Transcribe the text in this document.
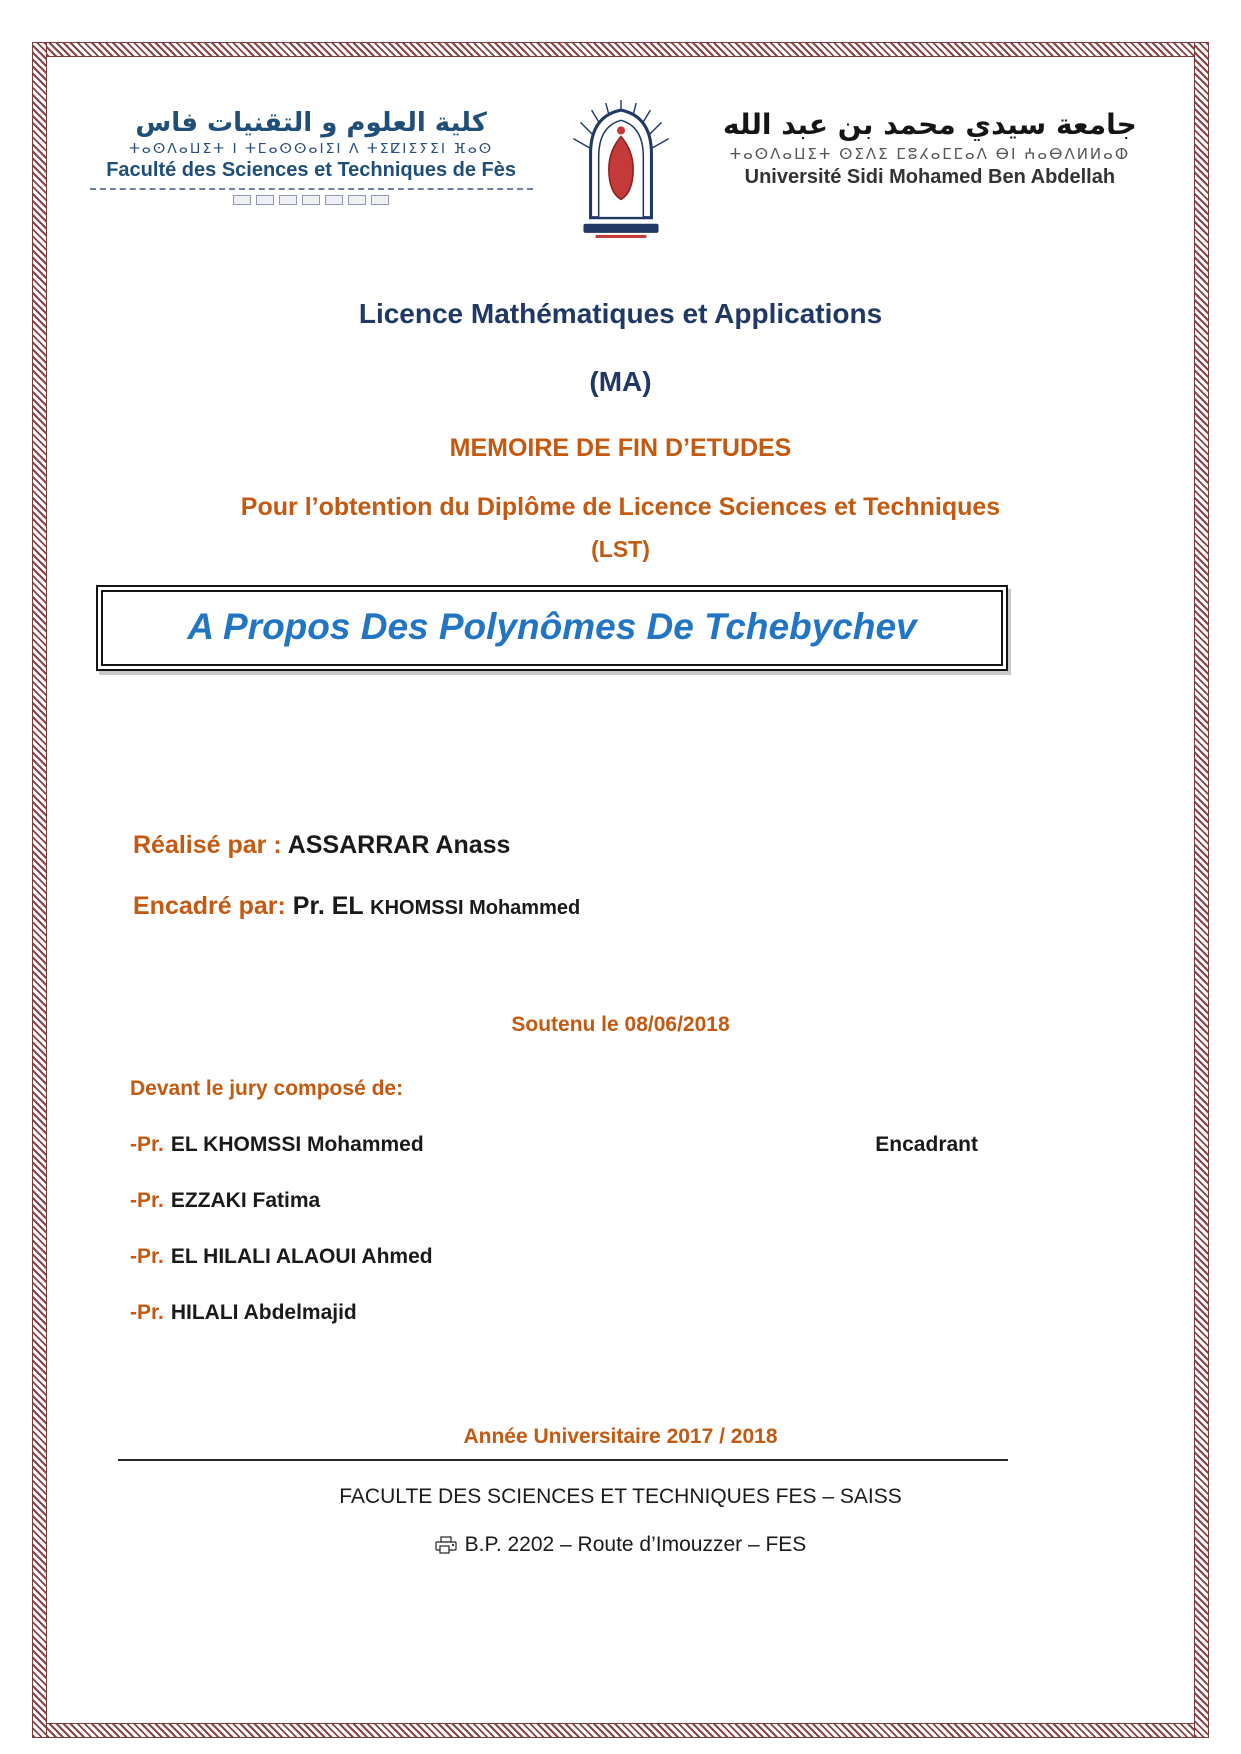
كلية العلوم و التقنيات فاس
ⵜⴰⵙⴷⴰⵡⵉⵜ ⵏ ⵜⵎⴰⵙⵙⴰⵏⵉⵏ ⴷ ⵜⵉⵇⵏⵉⵢⵉⵏ ⴼⴰⵙ
Faculté des Sciences et Techniques de Fès
جامعة سيدي محمد بن عبد الله
ⵜⴰⵙⴷⴰⵡⵉⵜ ⵙⵉⴷⵉ ⵎⵓⵃⴰⵎⵎⴰⴷ ⴱⵏ ⵄⴰⴱⴷⵍⵍⴰⵀ
Université Sidi Mohamed Ben Abdellah
Licence Mathématiques et Applications
(MA)
MEMOIRE DE FIN D’ETUDES
Pour l’obtention du Diplôme de Licence Sciences et Techniques
(LST)
A Propos Des Polynômes De Tchebychev
Réalisé par : ASSARRAR Anass
Encadré par: Pr. EL KHOMSSI Mohammed
Soutenu le 08/06/2018
Devant le jury composé de:
-Pr. EL KHOMSSI Mohammed	Encadrant
-Pr. EZZAKI Fatima
-Pr. EL HILALI ALAOUI Ahmed
-Pr. HILALI Abdelmajid
Année Universitaire 2017 / 2018
FACULTE DES SCIENCES ET TECHNIQUES FES – SAISS
B.P. 2202 – Route d’Imouzzer – FES
